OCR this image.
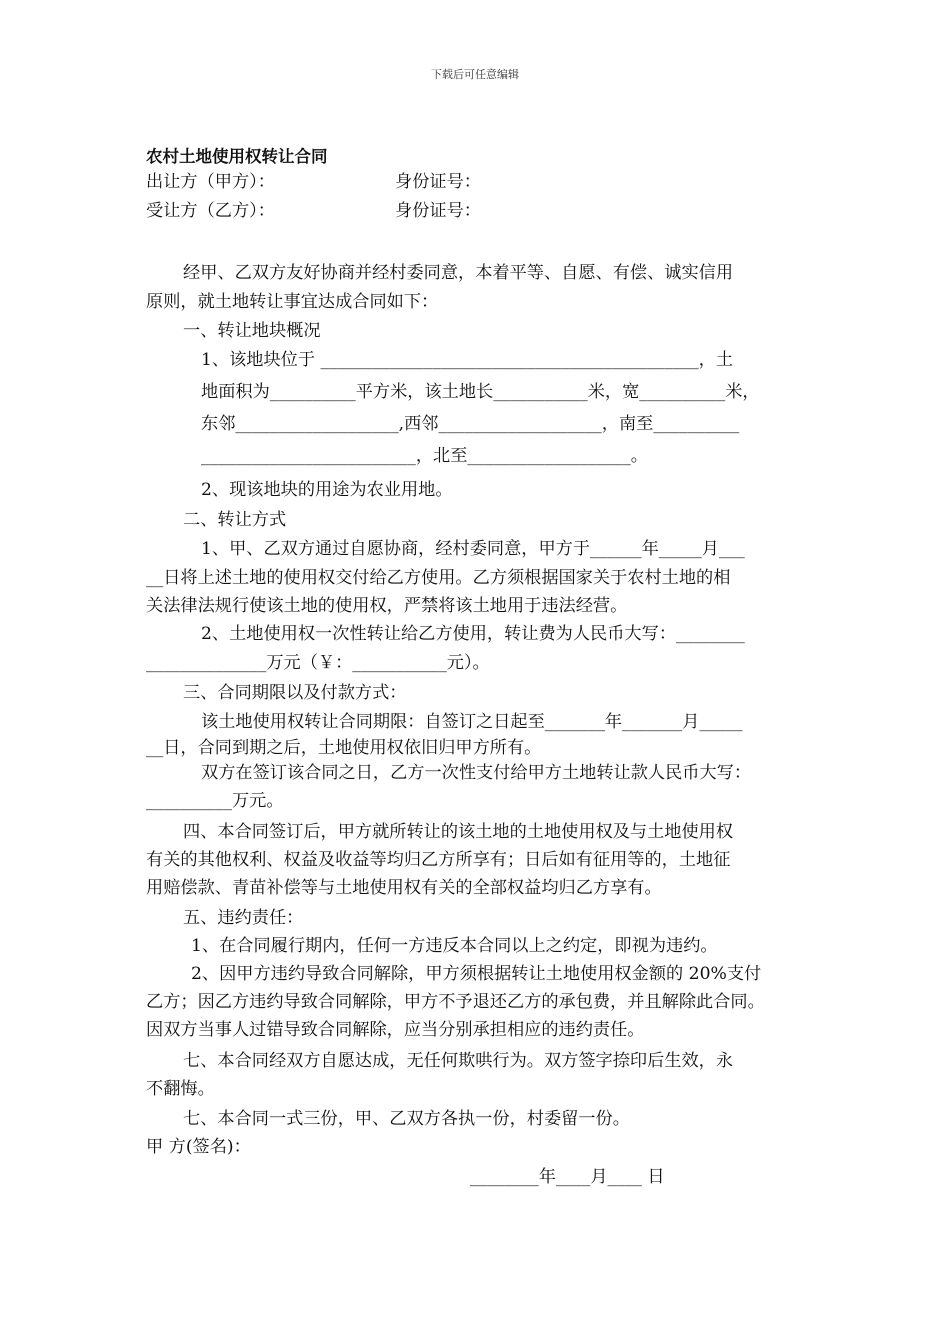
下载后可任意编辑
农村土地使用权转让合同
出让方（甲方）：	身份证号：
受让方（乙方）：	身份证号：
经甲、乙双方友好协商并经村委同意，本着平等、自愿、有偿、诚实信用
原则，就土地转让事宜达成合同如下：
一、转让地块概况
1、该地块位于 ____________________________________________，土
地面积为__________平方米，该土地长___________米，宽__________米，
东邻___________________,西邻___________________，南至__________
_________________________，北至___________________。
2、现该地块的用途为农业用地。
二、转让方式
1、甲、乙双方通过自愿协商，经村委同意，甲方于______年_____月___
__日将上述土地的使用权交付给乙方使用。乙方须根据国家关于农村土地的相
关法律法规行使该土地的使用权，严禁将该土地用于违法经营。
2、土地使用权一次性转让给乙方使用，转让费为人民币大写：________
______________万元（￥：___________元）。
三、合同期限以及付款方式：
该土地使用权转让合同期限：自签订之日起至_______年_______月_____
__日，合同到期之后，土地使用权依旧归甲方所有。
双方在签订该合同之日，乙方一次性支付给甲方土地转让款人民币大写：
__________万元。
四、本合同签订后，甲方就所转让的该土地的土地使用权及与土地使用权
有关的其他权利、权益及收益等均归乙方所享有；日后如有征用等的，土地征
用赔偿款、青苗补偿等与土地使用权有关的全部权益均归乙方享有。
五、违约责任：
1、在合同履行期内，任何一方违反本合同以上之约定，即视为违约。
2、因甲方违约导致合同解除，甲方须根据转让土地使用权金额的 20%支付
乙方；因乙方违约导致合同解除，甲方不予退还乙方的承包费，并且解除此合同。
因双方当事人过错导致合同解除，应当分别承担相应的违约责任。
七、本合同经双方自愿达成，无任何欺哄行为。双方签字捺印后生效，永
不翻悔。
七、本合同一式三份，甲、乙双方各执一份，村委留一份。
甲 方(签名)：
________年____月____ 日
